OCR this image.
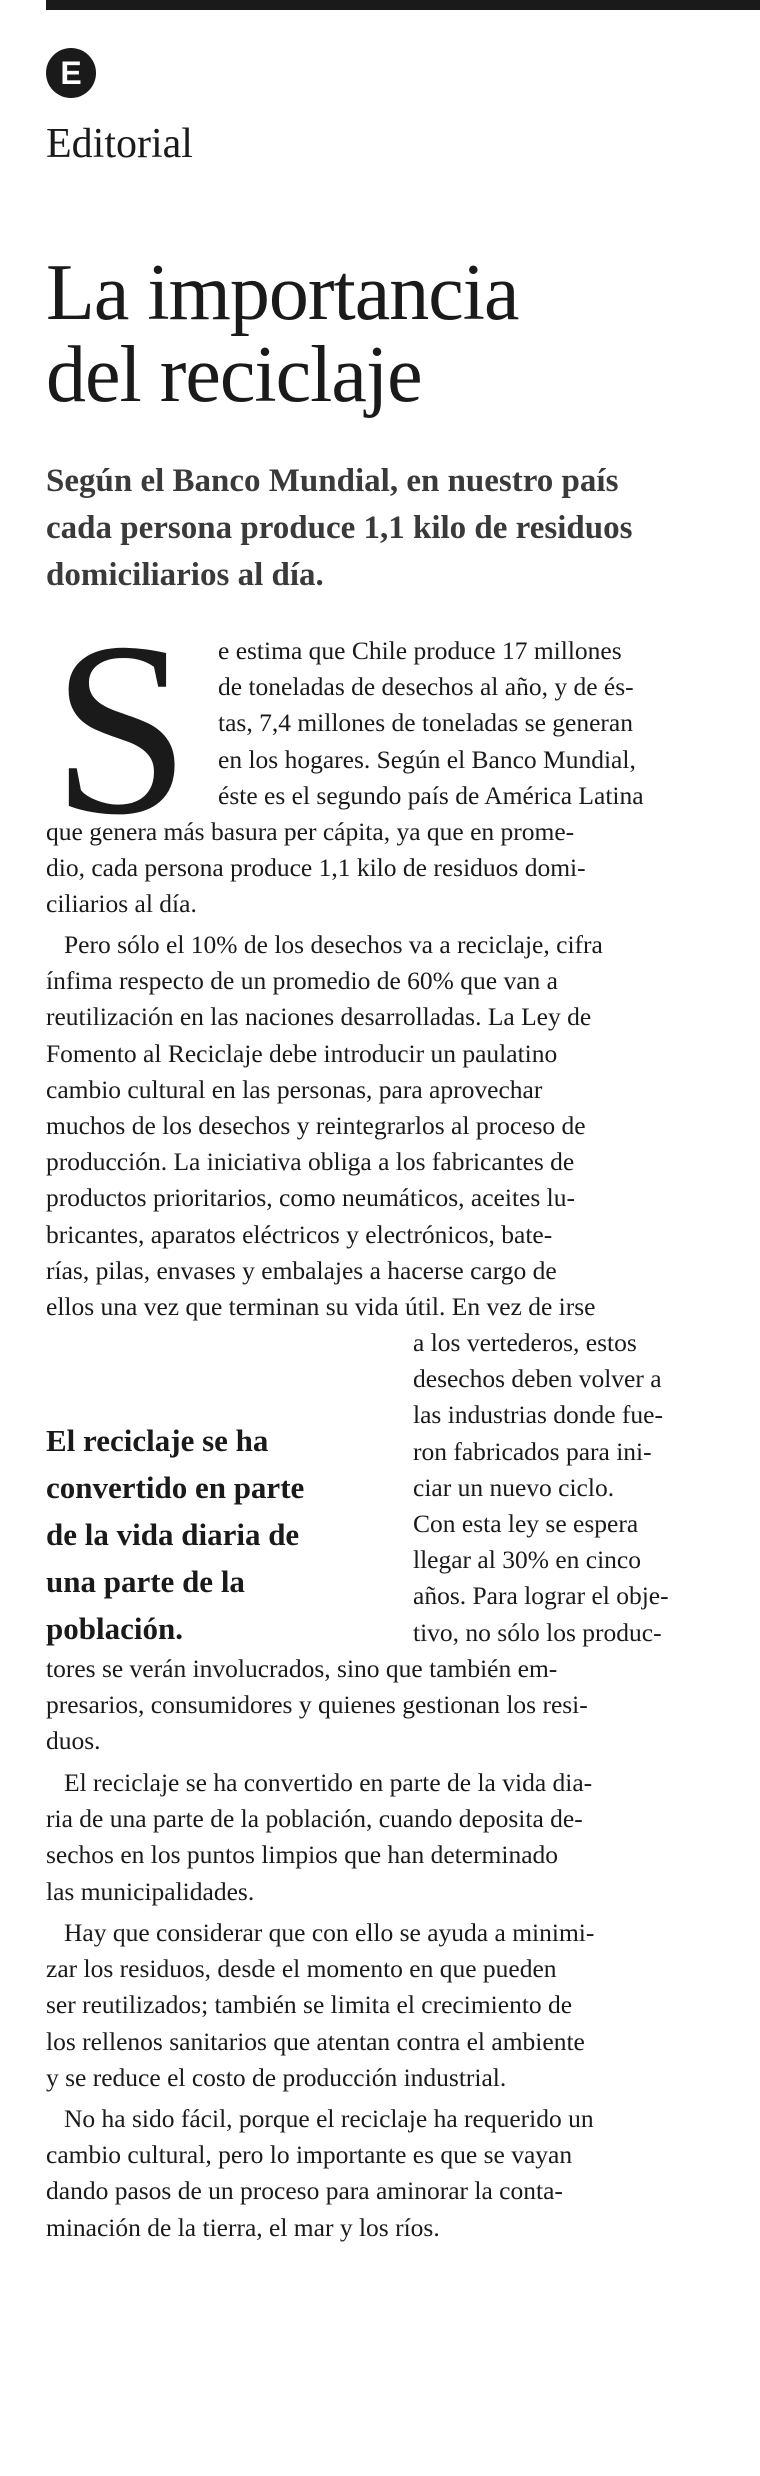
E
Editorial
La importancia
del reciclaje

Según el Banco Mundial, en nuestro país
cada persona produce 1,1 kilo de residuos
domiciliarios al día.

S e estima que Chile produce 17 millones
de toneladas de desechos al año, y de és-
tas, 7,4 millones de toneladas se generan
en los hogares. Según el Banco Mundial,
éste es el segundo país de América Latina
que genera más basura per cápita, ya que en prome-
dio, cada persona produce 1,1 kilo de residuos domi-
ciliarios al día.
Pero sólo el 10% de los desechos va a reciclaje, cifra
ínfima respecto de un promedio de 60% que van a
reutilización en las naciones desarrolladas. La Ley de
Fomento al Reciclaje debe introducir un paulatino
cambio cultural en las personas, para aprovechar
muchos de los desechos y reintegrarlos al proceso de
producción. La iniciativa obliga a los fabricantes de
productos prioritarios, como neumáticos, aceites lu-
bricantes, aparatos eléctricos y electrónicos, bate-
rías, pilas, envases y embalajes a hacerse cargo de
ellos una vez que terminan su vida útil. En vez de irse
El reciclaje se ha
convertido en parte
de la vida diaria de
una parte de la
población.
a los vertederos, estos
desechos deben volver a
las industrias donde fue-
ron fabricados para ini-
ciar un nuevo ciclo.
Con esta ley se espera
llegar al 30% en cinco
años. Para lograr el obje-
tivo, no sólo los produc-
tores se verán involucrados, sino que también em-
presarios, consumidores y quienes gestionan los resi-
duos.
El reciclaje se ha convertido en parte de la vida dia-
ria de una parte de la población, cuando deposita de-
sechos en los puntos limpios que han determinado
las municipalidades.
Hay que considerar que con ello se ayuda a minimi-
zar los residuos, desde el momento en que pueden
ser reutilizados; también se limita el crecimiento de
los rellenos sanitarios que atentan contra el ambiente
y se reduce el costo de producción industrial.
No ha sido fácil, porque el reciclaje ha requerido un
cambio cultural, pero lo importante es que se vayan
dando pasos de un proceso para aminorar la conta-
minación de la tierra, el mar y los ríos.
